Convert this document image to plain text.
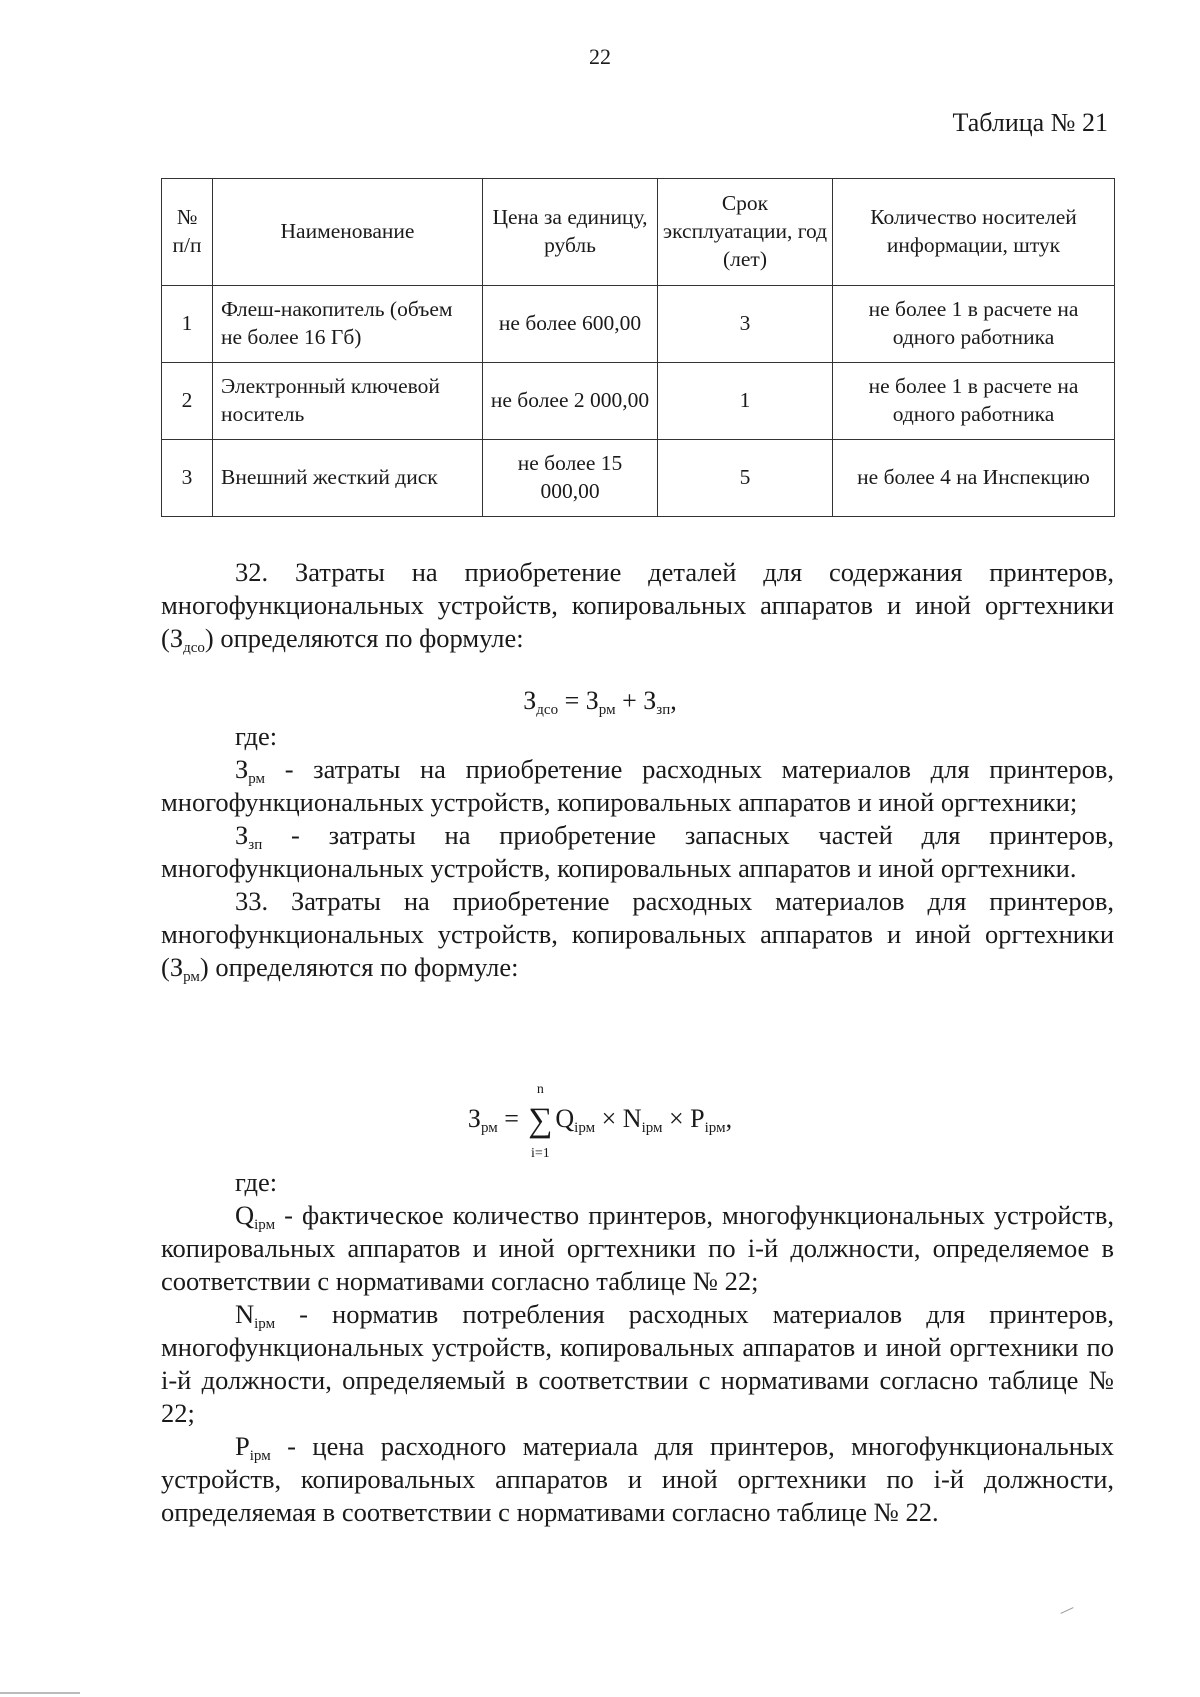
22
Таблица № 21
№ п/п	Наименование	Цена за единицу, рубль	Срок эксплуатации, год (лет)	Количество носителей информации, штук
1	Флеш-накопитель (объем не более 16 Гб)	не более 600,00	3	не более 1 в расчете на одного работника
2	Электронный ключевой носитель	не более 2 000,00	1	не более 1 в расчете на одного работника
3	Внешний жесткий диск	не более 15 000,00	5	не более 4 на Инспекцию

32. Затраты на приобретение деталей для содержания принтеров, многофункциональных устройств, копировальных аппаратов и иной оргтехники $(З_{дсо})$ определяются по формуле:

$З_{дсо} = З_{рм} + З_{зп}$,

где:

$З_{рм}$ - затраты на приобретение расходных материалов для принтеров, многофункциональных устройств, копировальных аппаратов и иной оргтехники;

$З_{зп}$ - затраты на приобретение запасных частей для принтеров, многофункциональных устройств, копировальных аппаратов и иной оргтехники.

33. Затраты на приобретение расходных материалов для принтеров, многофункциональных устройств, копировальных аппаратов и иной оргтехники $(З_{рм})$ определяются по формуле:

$З_{рм}$ =
n
∑
i=1
$Q_{iрм} \times N_{iрм} \times P_{iрм}$,

где:

$Q_{iрм}$ - фактическое количество принтеров, многофункциональных устройств, копировальных аппаратов и иной оргтехники по i-й должности, определяемое в соответствии с нормативами согласно таблице № 22;

$N_{iрм}$ - норматив потребления расходных материалов для принтеров, многофункциональных устройств, копировальных аппаратов и иной оргтехники по i-й должности, определяемый в соответствии с нормативами согласно таблице № 22;

$P_{iрм}$ - цена расходного материала для принтеров, многофункциональных устройств, копировальных аппаратов и иной оргтехники по i-й должности, определяемая в соответствии с нормативами согласно таблице № 22.
